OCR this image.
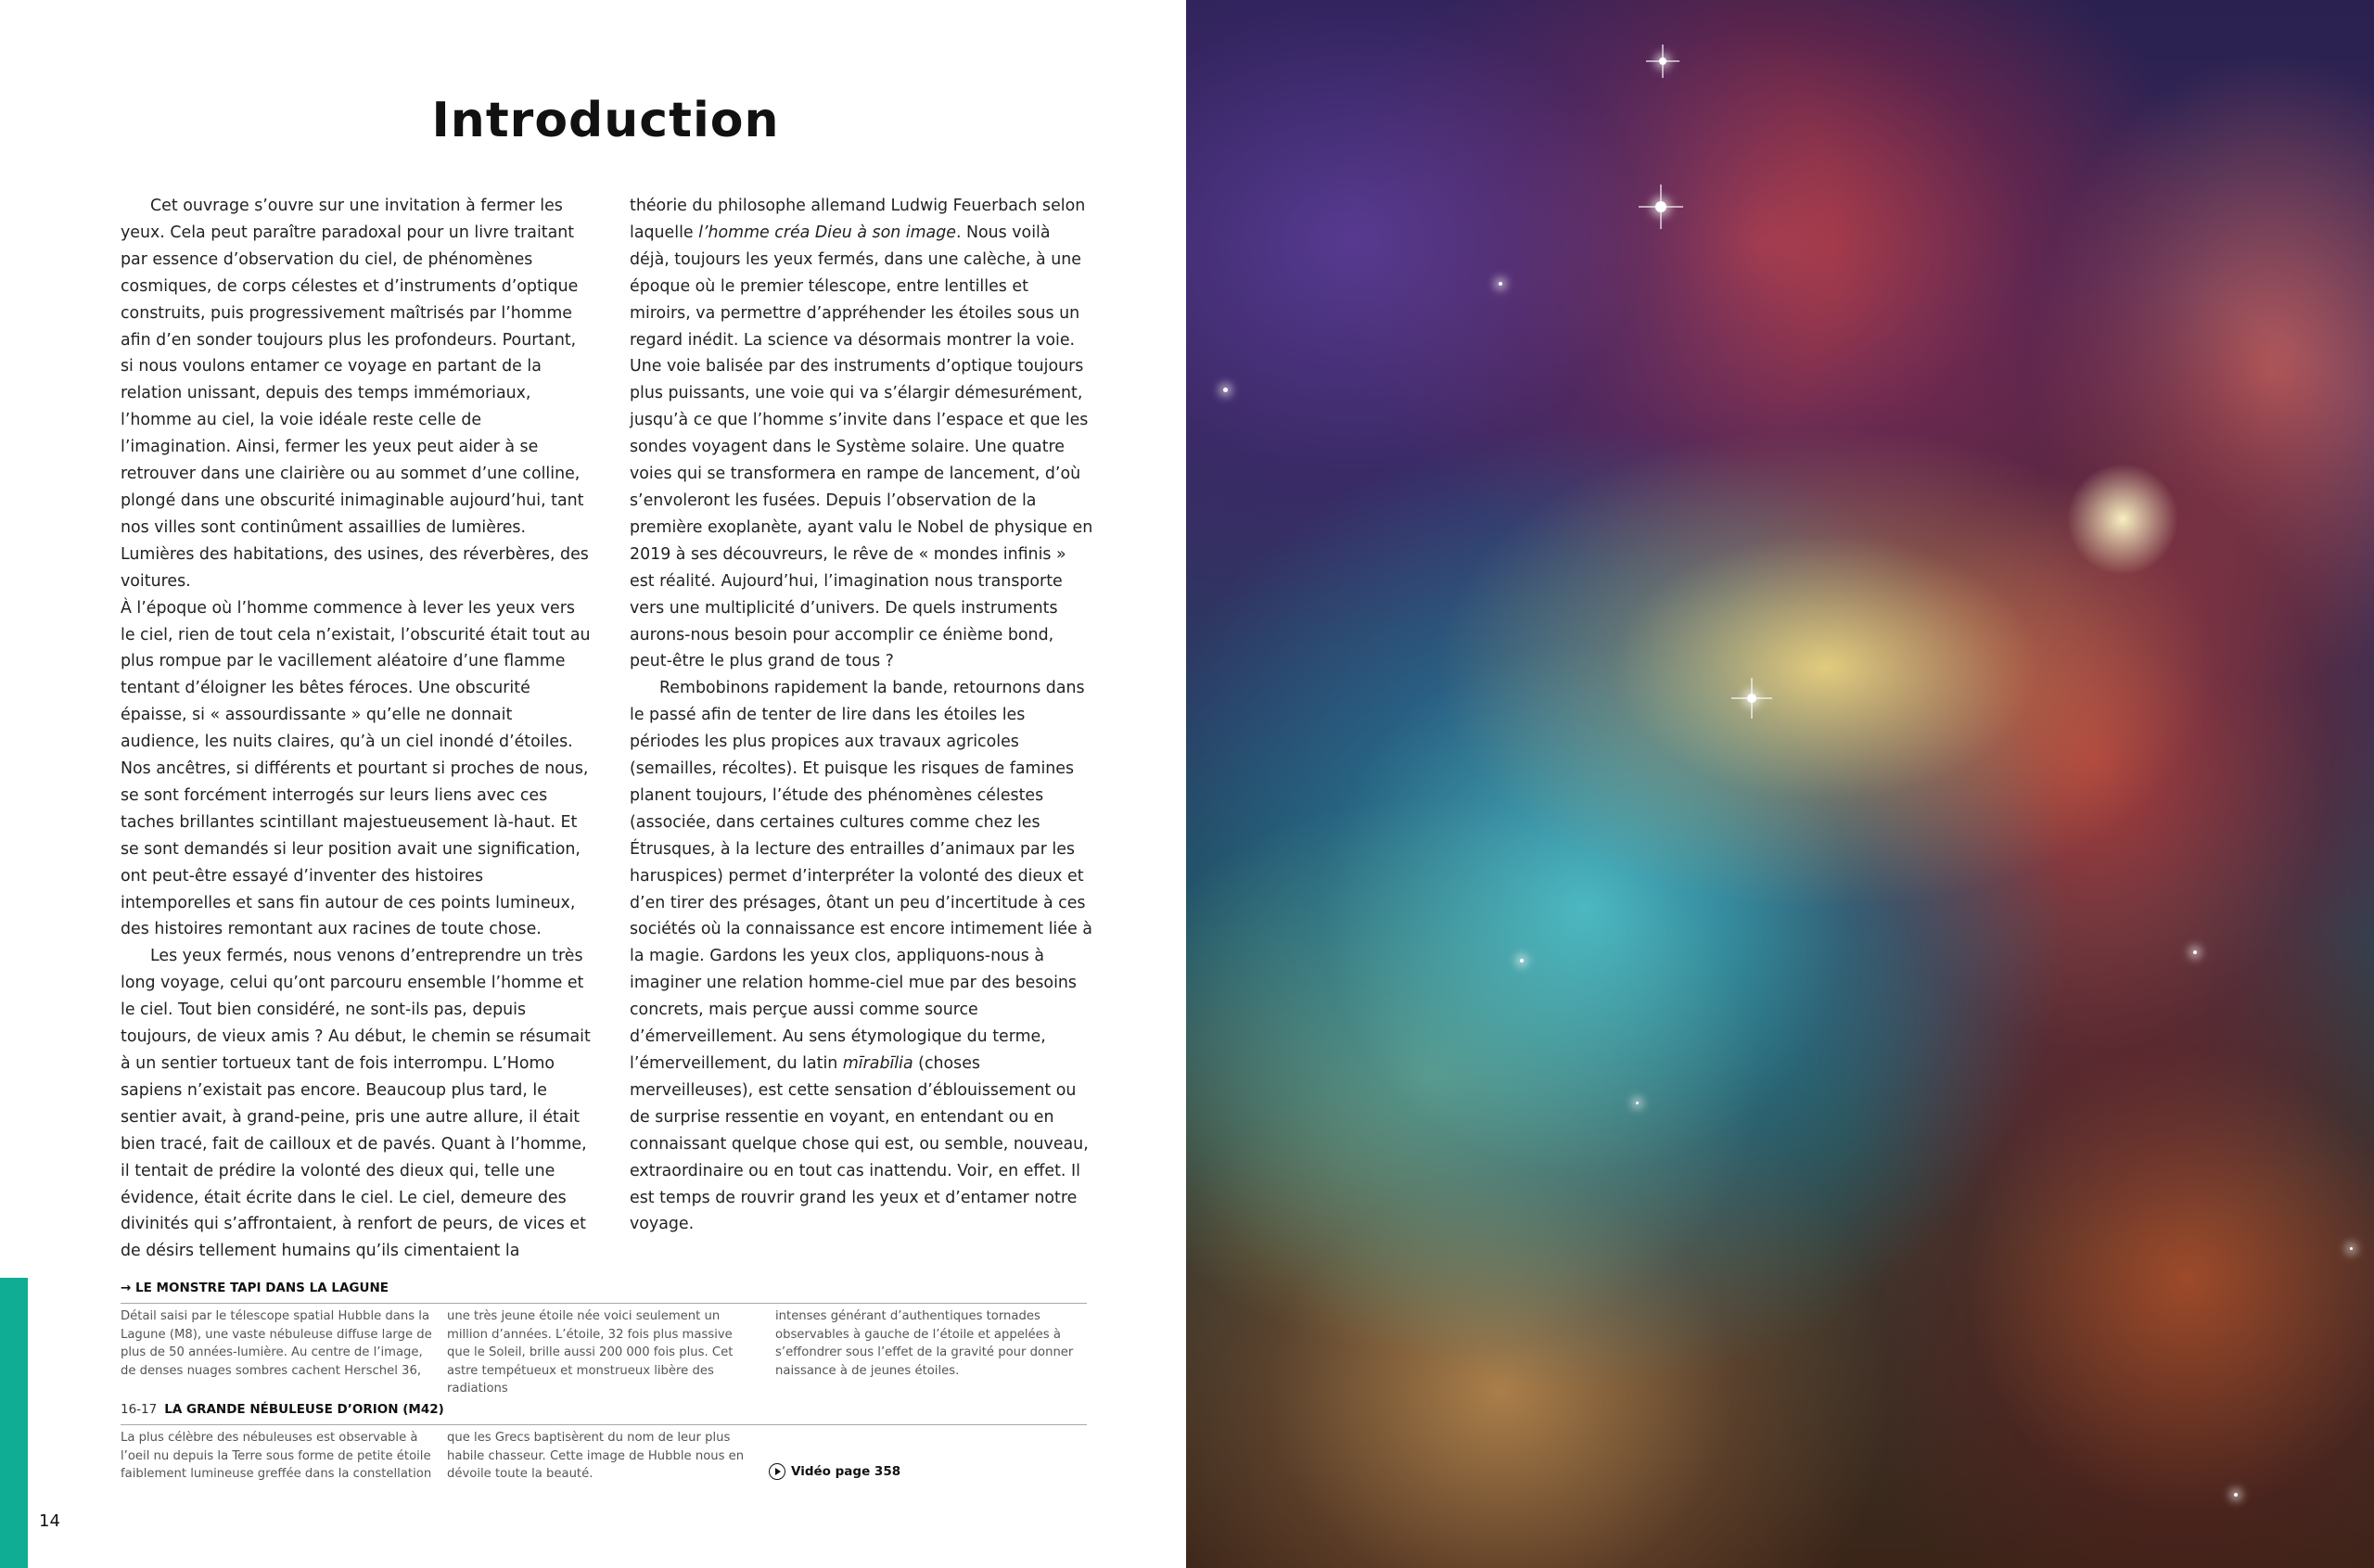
Introduction

Cet ouvrage s’ouvre sur une invitation à fermer les yeux. Cela peut paraître paradoxal pour un livre traitant par essence d’observation du ciel, de phénomènes cosmiques, de corps célestes et d’instruments d’optique construits, puis progressivement maîtrisés par l’homme afin d’en sonder toujours plus les profondeurs. Pourtant, si nous voulons entamer ce voyage en partant de la relation unissant, depuis des temps immémoriaux, l’homme au ciel, la voie idéale reste celle de l’imagination. Ainsi, fermer les yeux peut aider à se retrouver dans une clairière ou au sommet d’une colline, plongé dans une obscurité inimaginable aujourd’hui, tant nos villes sont continûment assaillies de lumières. Lumières des habitations, des usines, des réverbères, des voitures.

À l’époque où l’homme commence à lever les yeux vers le ciel, rien de tout cela n’existait, l’obscurité était tout au plus rompue par le vacillement aléatoire d’une flamme tentant d’éloigner les bêtes féroces. Une obscurité épaisse, si « assourdissante » qu’elle ne donnait audience, les nuits claires, qu’à un ciel inondé d’étoiles. Nos ancêtres, si différents et pourtant si proches de nous, se sont forcément interrogés sur leurs liens avec ces taches brillantes scintillant majestueusement là-haut. Et se sont demandés si leur position avait une signification, ont peut-être essayé d’inventer des histoires intemporelles et sans fin autour de ces points lumineux, des histoires remontant aux racines de toute chose.

Les yeux fermés, nous venons d’entreprendre un très long voyage, celui qu’ont parcouru ensemble l’homme et le ciel. Tout bien considéré, ne sont-ils pas, depuis toujours, de vieux amis ? Au début, le chemin se résumait à un sentier tortueux tant de fois interrompu. L’Homo sapiens n’existait pas encore. Beaucoup plus tard, le sentier avait, à grand-peine, pris une autre allure, il était bien tracé, fait de cailloux et de pavés. Quant à l’homme, il tentait de prédire la volonté des dieux qui, telle une évidence, était écrite dans le ciel. Le ciel, demeure des divinités qui s’affrontaient, à renfort de peurs, de vices et de désirs tellement humains qu’ils cimentaient la

théorie du philosophe allemand Ludwig Feuerbach selon laquelle l’homme créa Dieu à son image. Nous voilà déjà, toujours les yeux fermés, dans une calèche, à une époque où le premier télescope, entre lentilles et miroirs, va permettre d’appréhender les étoiles sous un regard inédit. La science va désormais montrer la voie. Une voie balisée par des instruments d’optique toujours plus puissants, une voie qui va s’élargir démesurément, jusqu’à ce que l’homme s’invite dans l’espace et que les sondes voyagent dans le Système solaire. Une quatre voies qui se transformera en rampe de lancement, d’où s’envoleront les fusées. Depuis l’observation de la première exoplanète, ayant valu le Nobel de physique en 2019 à ses découvreurs, le rêve de « mondes infinis » est réalité. Aujourd’hui, l’imagination nous transporte vers une multiplicité d’univers. De quels instruments aurons-nous besoin pour accomplir ce énième bond, peut-être le plus grand de tous ?

Rembobinons rapidement la bande, retournons dans le passé afin de tenter de lire dans les étoiles les périodes les plus propices aux travaux agricoles (semailles, récoltes). Et puisque les risques de famines planent toujours, l’étude des phénomènes célestes (associée, dans certaines cultures comme chez les Étrusques, à la lecture des entrailles d’animaux par les haruspices) permet d’interpréter la volonté des dieux et d’en tirer des présages, ôtant un peu d’incertitude à ces sociétés où la connaissance est encore intimement liée à la magie. Gardons les yeux clos, appliquons-nous à imaginer une relation homme-ciel mue par des besoins concrets, mais perçue aussi comme source d’émerveillement. Au sens étymologique du terme, l’émerveillement, du latin mīrabīlia (choses merveilleuses), est cette sensation d’éblouissement ou de surprise ressentie en voyant, en entendant ou en connaissant quelque chose qui est, ou semble, nouveau, extraordinaire ou en tout cas inattendu. Voir, en effet. Il est temps de rouvrir grand les yeux et d’entamer notre voyage.

→ LE MONSTRE TAPI DANS LA LAGUNE

Détail saisi par le télescope spatial Hubble dans la Lagune (M8), une vaste nébuleuse diffuse large de plus de 50 années-lumière. Au centre de l’image, de denses nuages sombres cachent Herschel 36,

une très jeune étoile née voici seulement un million d’années. L’étoile, 32 fois plus massive que le Soleil, brille aussi 200 000 fois plus. Cet astre tempétueux et monstrueux libère des radiations

intenses générant d’authentiques tornades observables à gauche de l’étoile et appelées à s’effondrer sous l’effet de la gravité pour donner naissance à de jeunes étoiles.

16-17 LA GRANDE NÉBULEUSE D’ORION (M42)

La plus célèbre des nébuleuses est observable à l’oeil nu depuis la Terre sous forme de petite étoile faiblement lumineuse greffée dans la constellation

que les Grecs baptisèrent du nom de leur plus habile chasseur. Cette image de Hubble nous en dévoile toute la beauté.	Vidéo page 358
14
